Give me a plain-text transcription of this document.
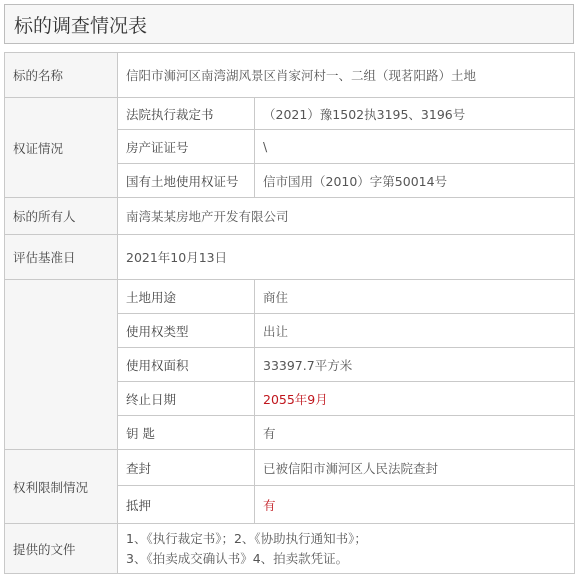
标的调查情况表
标的名称	信阳市浉河区南湾湖风景区肖家河村一、二组（现茗阳路）土地	
权证情况	法院执行裁定书	（2021）豫1502执3195、3196号
	房产证证号	\
	国有土地使用权证号	信市国用（2010）字第50014号
标的所有人	南湾某某房地产开发有限公司	
评估基准日	2021年10月13日	
	土地用途	商住
	使用权类型	出让
	使用权面积	33397.7平方米
	终止日期	2055年9月
	钥 匙	有
权利限制情况	查封	已被信阳市浉河区人民法院查封
	抵押	有
提供的文件	1、《执行裁定书》；2、《协助执行通知书》；
3、《拍卖成交确认书》4、拍卖款凭证。	
